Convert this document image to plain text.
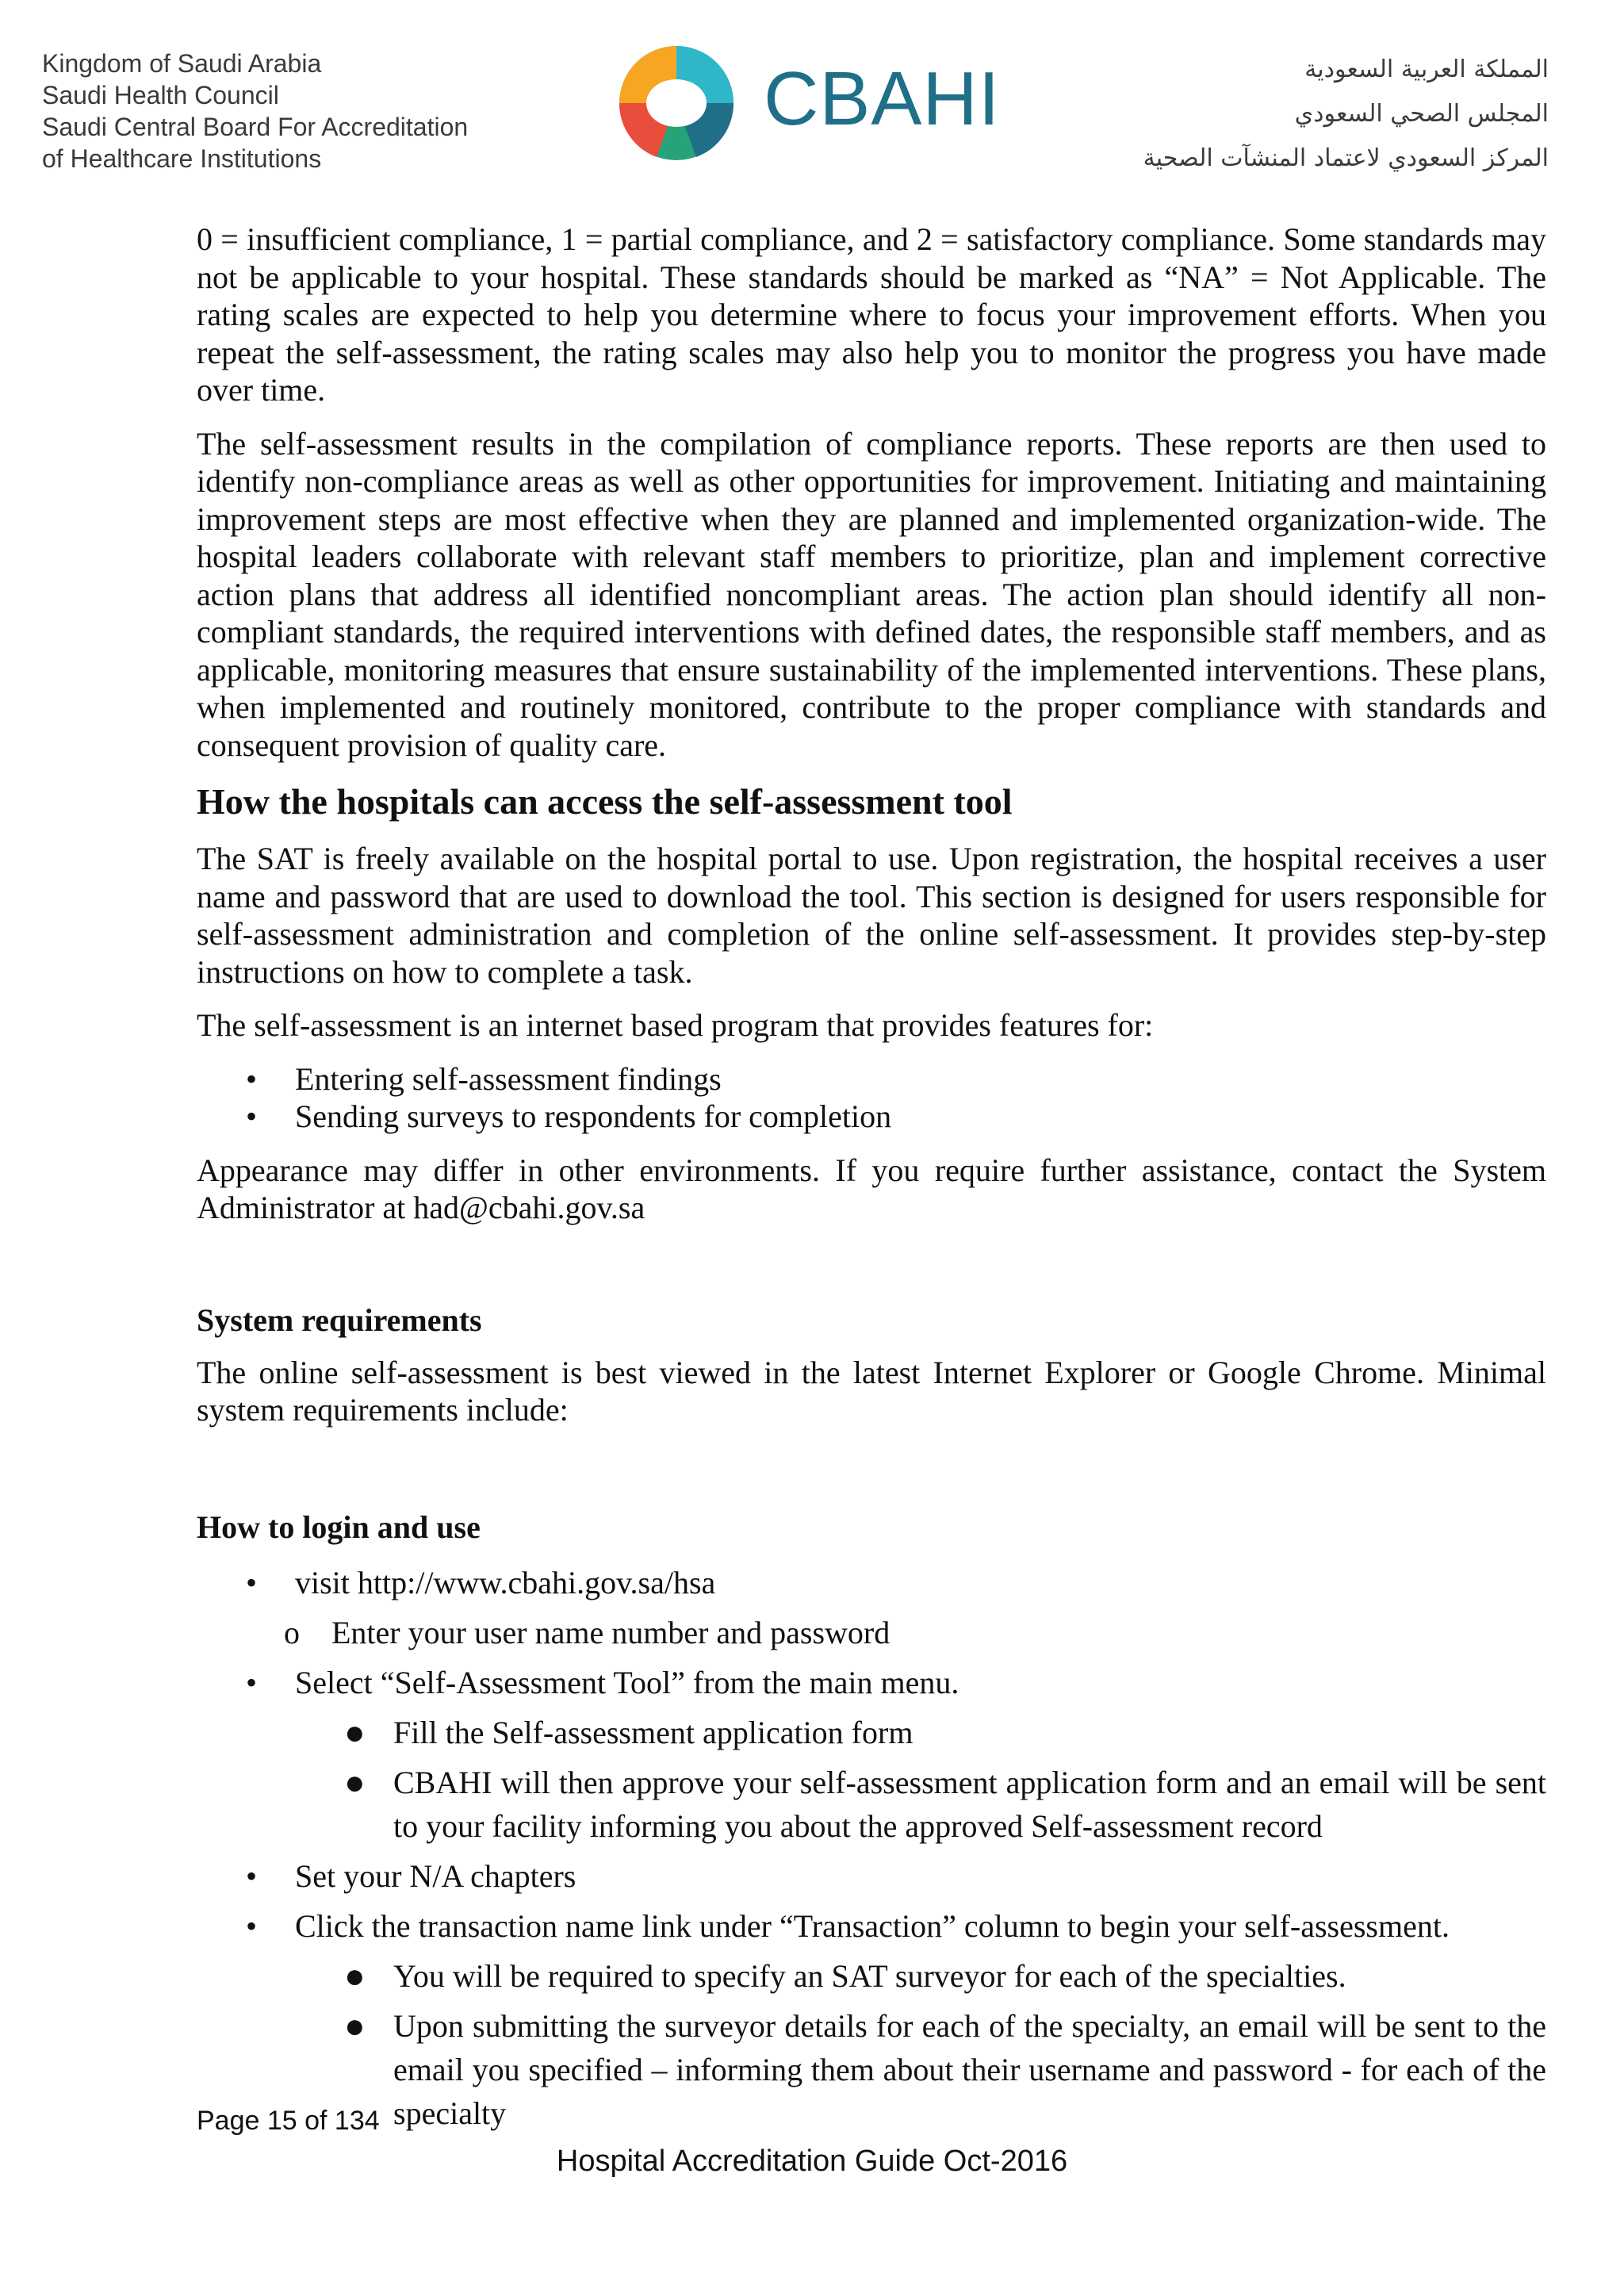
Kingdom of Saudi Arabia
Saudi Health Council
Saudi Central Board For Accreditation
of Healthcare Institutions
CBAHI	المملكة العربية السعودية
المجلس الصحي السعودي
المركز السعودي لاعتماد المنشآت الصحية

0 = insufficient compliance, 1 = partial compliance, and 2 = satisfactory compliance. Some standards may not be applicable to your hospital. These standards should be marked as “NA” = Not Applicable. The rating scales are expected to help you determine where to focus your improvement efforts. When you repeat the self-assessment, the rating scales may also help you to monitor the progress you have made over time.

The self-assessment results in the compilation of compliance reports. These reports are then used to identify non-compliance areas as well as other opportunities for improvement. Initiating and maintaining improvement steps are most effective when they are planned and implemented organization-wide. The hospital leaders collaborate with relevant staff members to prioritize, plan and implement corrective action plans that address all identified noncompliant areas. The action plan should identify all non-compliant standards, the required interventions with defined dates, the responsible staff members, and as applicable, monitoring measures that ensure sustainability of the implemented interventions. These plans, when implemented and routinely monitored, contribute to the proper compliance with standards and consequent provision of quality care.

How the hospitals can access the self-assessment tool

The SAT is freely available on the hospital portal to use. Upon registration, the hospital receives a user name and password that are used to download the tool. This section is designed for users responsible for self-assessment administration and completion of the online self-assessment. It provides step-by-step instructions on how to complete a task.

The self-assessment is an internet based program that provides features for:

• Entering self-assessment findings
• Sending surveys to respondents for completion

Appearance may differ in other environments. If you require further assistance, contact the System Administrator at had@cbahi.gov.sa

System requirements

The online self-assessment is best viewed in the latest Internet Explorer or Google Chrome. Minimal system requirements include:

How to login and use
• visit http://www.cbahi.gov.sa/hsa
o Enter your user name number and password
• Select “Self-Assessment Tool” from the main menu.
● Fill the Self-assessment application form
● CBAHI will then approve your self-assessment application form and an email will be sent to your facility informing you about the approved Self-assessment record
• Set your N/A chapters
• Click the transaction name link under “Transaction” column to begin your self-assessment.
● You will be required to specify an SAT surveyor for each of the specialties.
● Upon submitting the surveyor details for each of the specialty, an email will be sent to the email you specified – informing them about their username and password - for each of the specialty
Page 15 of 134
Hospital Accreditation Guide Oct-2016
